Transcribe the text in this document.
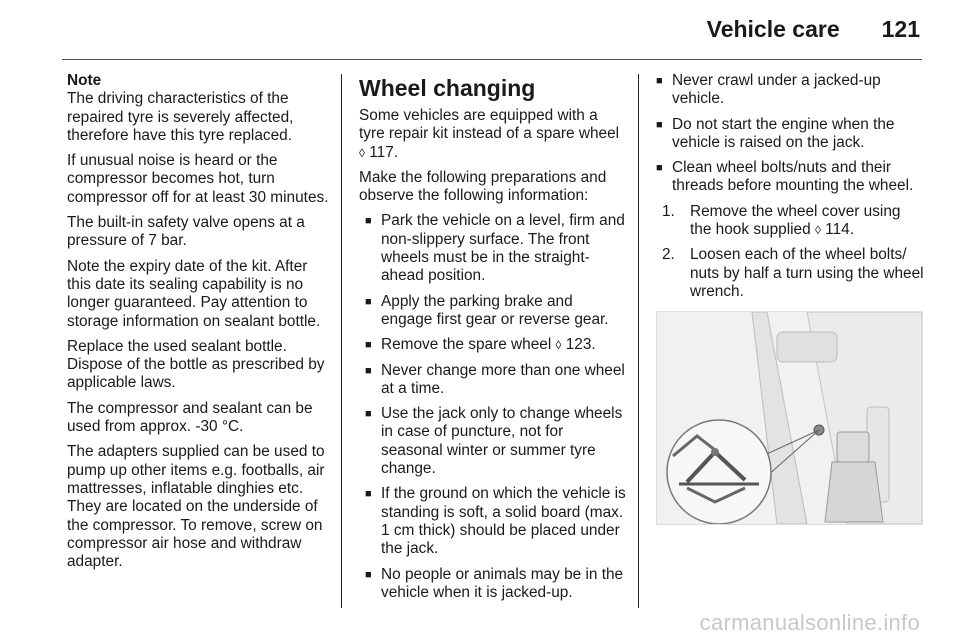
Vehicle care 121
Note

The driving characteristics of the repaired tyre is severely affected, therefore have this tyre replaced.

If unusual noise is heard or the compressor becomes hot, turn compressor off for at least 30 minutes.

The built-in safety valve opens at a pressure of 7 bar.

Note the expiry date of the kit. After this date its sealing capability is no longer guaranteed. Pay attention to storage information on sealant bottle.

Replace the used sealant bottle. Dispose of the bottle as prescribed by applicable laws.

The compressor and sealant can be used from approx. -30 °C.

The adapters supplied can be used to pump up other items e.g. footballs, air mattresses, inflatable dinghies etc. They are located on the underside of the compressor. To remove, screw on compressor air hose and withdraw adapter.

Wheel changing

Some vehicles are equipped with a tyre repair kit instead of a spare wheel ◊ 117.

Make the following preparations and observe the following information:

■ Park the vehicle on a level, firm and non-slippery surface. The front wheels must be in the straight-ahead position.
■ Apply the parking brake and engage first gear or reverse gear.
■ Remove the spare wheel ◊ 123.
■ Never change more than one wheel at a time.
■ Use the jack only to change wheels in case of puncture, not for seasonal winter or summer tyre change.
■ If the ground on which the vehicle is standing is soft, a solid board (max. 1 cm thick) should be placed under the jack.
■ No people or animals may be in the vehicle when it is jacked-up.
■ Never crawl under a jacked-up vehicle.
■ Do not start the engine when the vehicle is raised on the jack.
■ Clean wheel bolts/nuts and their threads before mounting the wheel.
1. Remove the wheel cover using the hook supplied ◊ 114.
2. Loosen each of the wheel bolts/ nuts by half a turn using the wheel wrench.
carmanualsonline.info
